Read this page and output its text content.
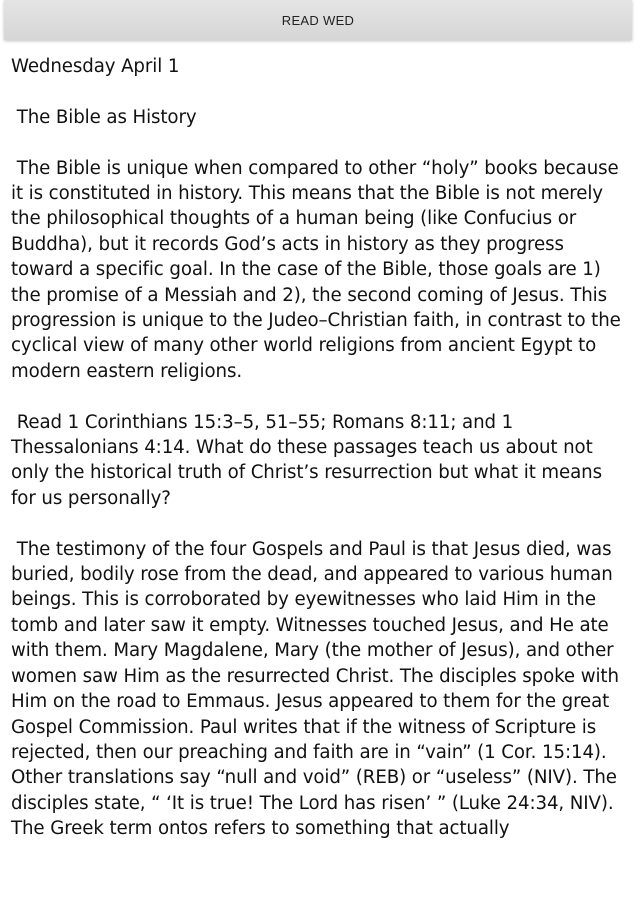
READ WED

Wednesday April 1

The Bible as History

The Bible is unique when compared to other “holy” books because it is constituted in history. This means that the Bible is not merely the philosophical thoughts of a human being (like Confucius or Buddha), but it records God’s acts in history as they progress toward a specific goal. In the case of the Bible, those goals are 1) the promise of a Messiah and 2), the second coming of Jesus. This progression is unique to the Judeo–Christian faith, in contrast to the cyclical view of many other world religions from ancient Egypt to modern eastern religions.

Read 1 Corinthians 15:3–5, 51–55; Romans 8:11; and 1 Thessalonians 4:14. What do these passages teach us about not only the historical truth of Christ’s resurrection but what it means for us personally?

The testimony of the four Gospels and Paul is that Jesus died, was buried, bodily rose from the dead, and appeared to various human beings. This is corroborated by eyewitnesses who laid Him in the tomb and later saw it empty. Witnesses touched Jesus, and He ate with them. Mary Magdalene, Mary (the mother of Jesus), and other women saw Him as the resurrected Christ. The disciples spoke with Him on the road to Emmaus. Jesus appeared to them for the great Gospel Commission. Paul writes that if the witness of Scripture is rejected, then our preaching and faith are in “vain” (1 Cor. 15:14). Other translations say “null and void” (REB) or “useless” (NIV). The disciples state, “ ‘It is true! The Lord has risen’ ” (Luke 24:34, NIV). The Greek term ontos refers to something that actually
